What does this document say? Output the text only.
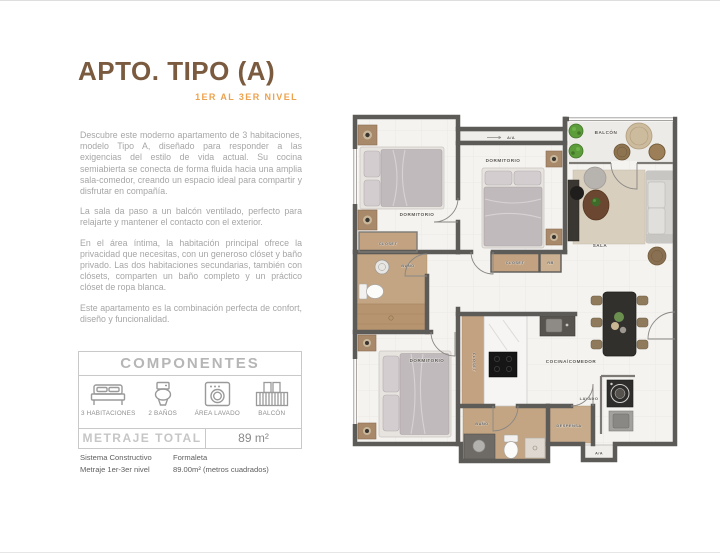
APTO. TIPO (A)
1ER AL 3ER NIVEL

Descubre este moderno apartamento de 3 habitaciones, modelo Tipo A, diseñado para responder a las exigencias del estilo de vida actual. Su cocina semiabierta se conecta de forma fluida hacia una amplia sala-comedor, creando un espacio ideal para compartir y disfrutar en compañía.

La sala da paso a un balcón ventilado, perfecto para relajarte y mantener el contacto con el exterior.

En el área íntima, la habitación principal ofrece la privacidad que necesitas, con un generoso clóset y baño privado. Las dos habitaciones secundarias, también con clósets, comparten un baño completo y un práctico clóset de ropa blanca.

Este apartamento es la combinación perfecta de confort, diseño y funcionalidad.

COMPONENTES
3 HABITACIONES 2 BAÑOS	ÁREA LAVADO	BALCÓN
METRAJE TOTAL	89 m²
Sistema Constructivo	Formaleta
Metraje 1er-3er nivel	89.00m² (metros cuadrados)
A/A
A/A
DORMITORIO
DORMITORIO
BALCÓN
SALA
BAÑO
CLOSET
CLOSET	RB
DORMITORIO	CLOSET	COCINA/COMEDOR
LAVADO
DESPENSA
BAÑO
